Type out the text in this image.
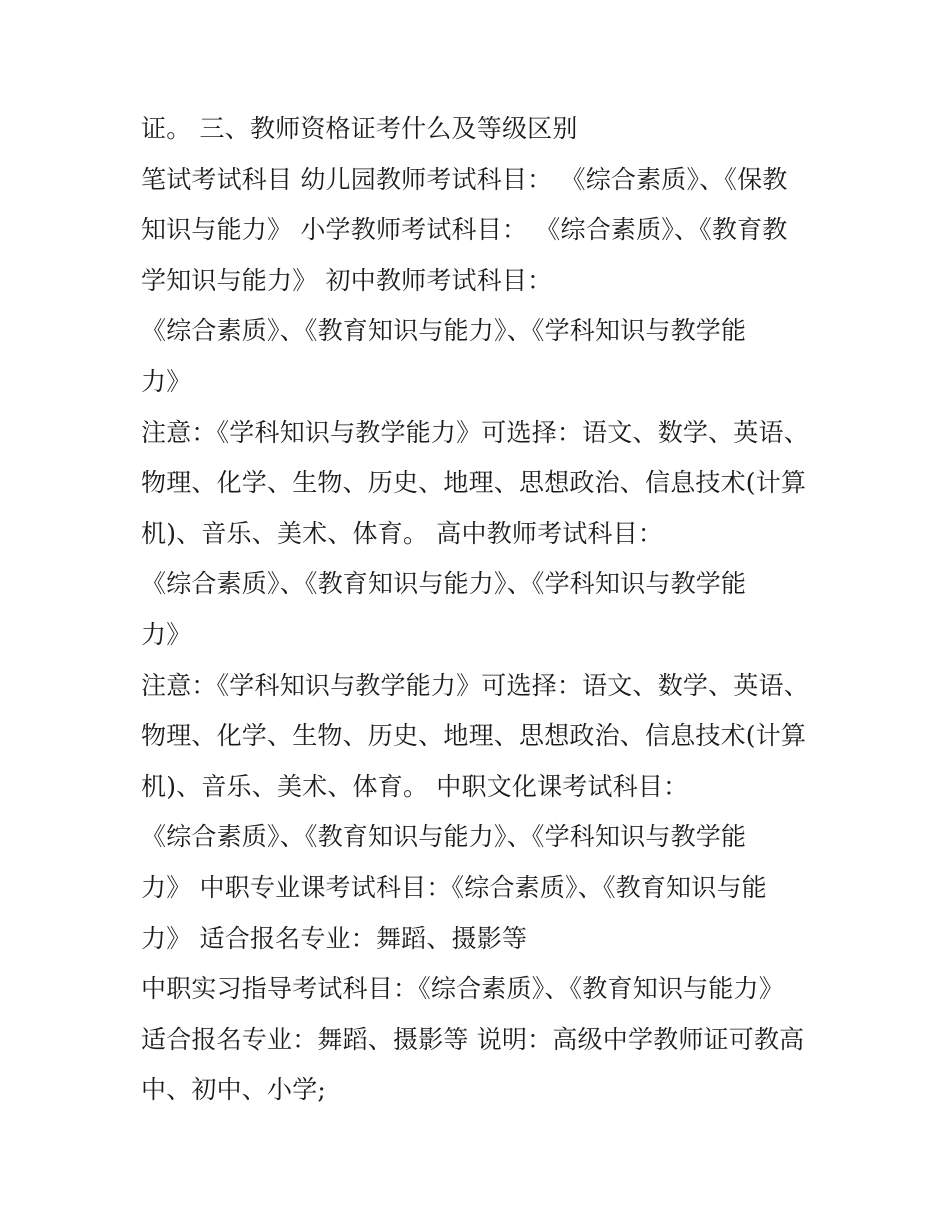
证。 三、教师资格证考什么及等级区别
笔试考试科目 幼儿园教师考试科目： 《综合素质》、《保教
知识与能力》 小学教师考试科目： 《综合素质》、《教育教
学知识与能力》 初中教师考试科目：
《综合素质》、《教育知识与能力》、《学科知识与教学能
力》
注意：《学科知识与教学能力》可选择：语文、数学、英语、
物理、化学、生物、历史、地理、思想政治、信息技术(计算
机)、音乐、美术、体育。 高中教师考试科目：
《综合素质》、《教育知识与能力》、《学科知识与教学能
力》
注意：《学科知识与教学能力》可选择：语文、数学、英语、
物理、化学、生物、历史、地理、思想政治、信息技术(计算
机)、音乐、美术、体育。 中职文化课考试科目：
《综合素质》、《教育知识与能力》、《学科知识与教学能
力》 中职专业课考试科目：《综合素质》、《教育知识与能
力》 适合报名专业：舞蹈、摄影等
中职实习指导考试科目：《综合素质》、《教育知识与能力》
适合报名专业：舞蹈、摄影等 说明：高级中学教师证可教高
中、初中、小学;
